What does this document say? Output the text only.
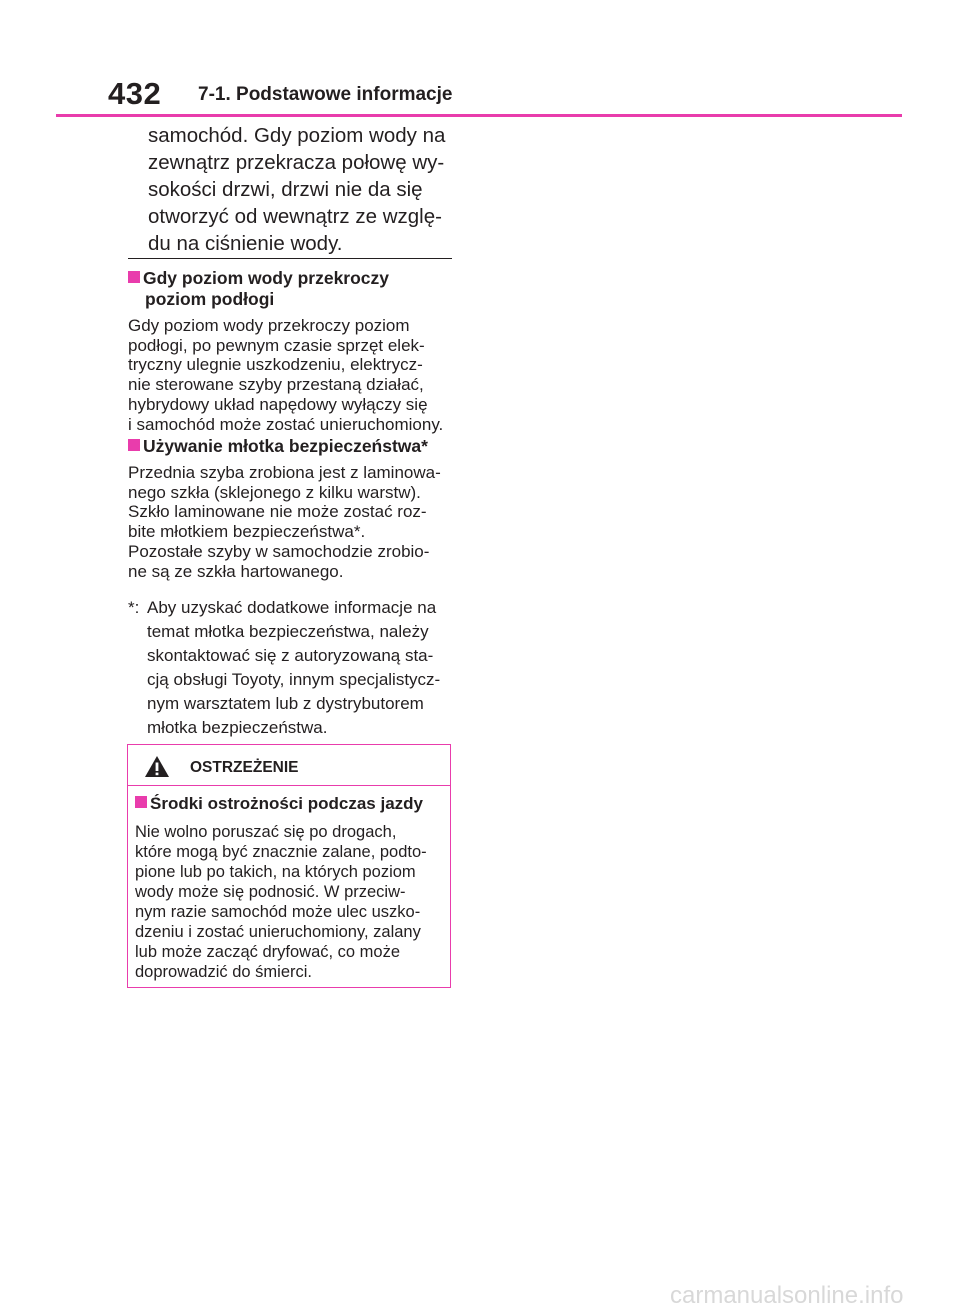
432 7-1. Podstawowe informacje
samochód. Gdy poziom wody na
zewnątrz przekracza połowę wy-
sokości drzwi, drzwi nie da się
otworzyć od wewnątrz ze wzglę-
du na ciśnienie wody.
Gdy poziom wody przekroczy
poziom podłogi
Gdy poziom wody przekroczy poziom
podłogi, po pewnym czasie sprzęt elek-
tryczny ulegnie uszkodzeniu, elektrycz-
nie sterowane szyby przestaną działać,
hybrydowy układ napędowy wyłączy się
i samochód może zostać unieruchomiony.
Używanie młotka bezpieczeństwa*
Przednia szyba zrobiona jest z laminowa-
nego szkła (sklejonego z kilku warstw).
Szkło laminowane nie może zostać roz-
bite młotkiem bezpieczeństwa*.
Pozostałe szyby w samochodzie zrobio-
ne są ze szkła hartowanego.
*: Aby uzyskać dodatkowe informacje na
temat młotka bezpieczeństwa, należy
skontaktować się z autoryzowaną sta-
cją obsługi Toyoty, innym specjalistycz-
nym warsztatem lub z dystrybutorem
młotka bezpieczeństwa.
OSTRZEŻENIE
Środki ostrożności podczas jazdy
Nie wolno poruszać się po drogach,
które mogą być znacznie zalane, podto-
pione lub po takich, na których poziom
wody może się podnosić. W przeciw-
nym razie samochód może ulec uszko-
dzeniu i zostać unieruchomiony, zalany
lub może zacząć dryfować, co może
doprowadzić do śmierci.
carmanualsonline.info
